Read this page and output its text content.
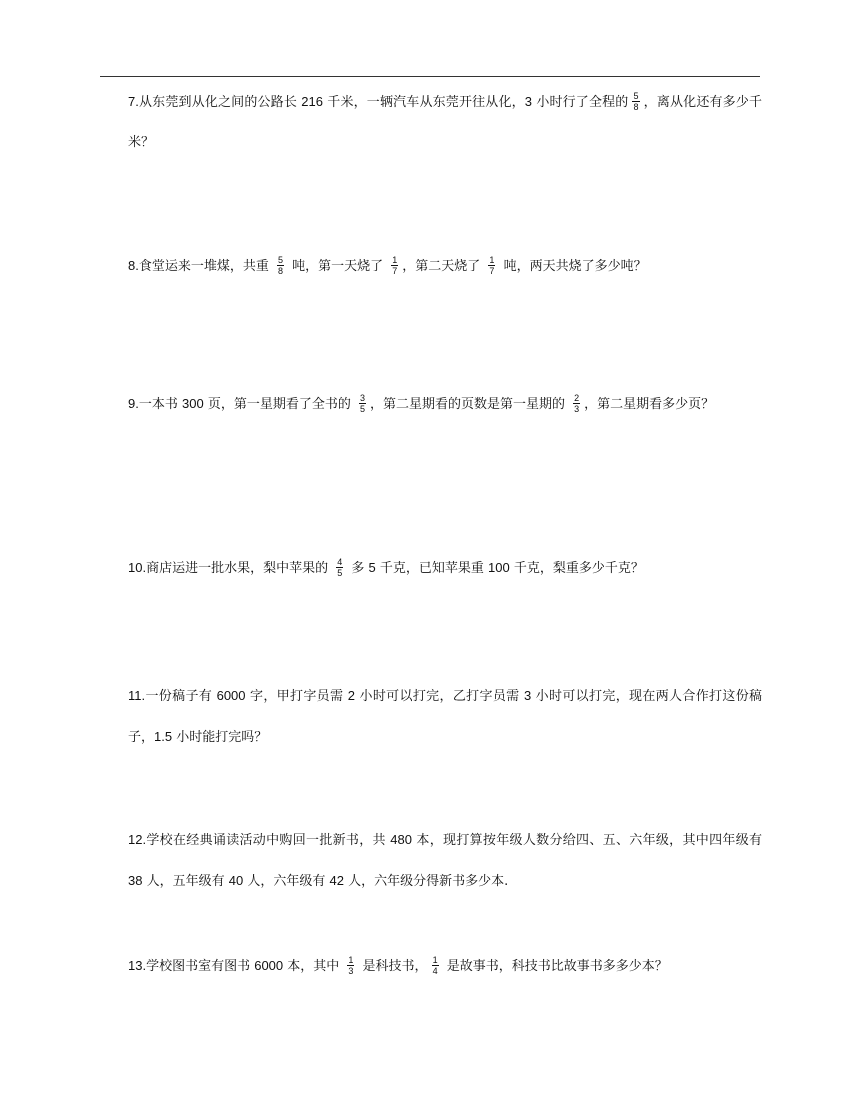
7.从东莞到从化之间的公路长 216 千米，一辆汽车从东莞开往从化，3 小时行了全程的 $\frac{5}{8}$ ，离从化还有多少千米？

8.食堂运来一堆煤，共重 $\frac{5}{8}$ 吨，第一天烧了 $\frac{1}{7}$ ，第二天烧了 $\frac{1}{7}$ 吨，两天共烧了多少吨？

9.一本书 300 页，第一星期看了全书的 $\frac{3}{5}$ ，第二星期看的页数是第一星期的 $\frac{2}{3}$ ，第二星期看多少页？

10.商店运进一批水果，梨中苹果的 $\frac{4}{5}$ 多 5 千克，已知苹果重 100 千克，梨重多少千克？

11.一份稿子有 6000 字，甲打字员需 2 小时可以打完，乙打字员需 3 小时可以打完，现在两人合作打这份稿子，1.5 小时能打完吗？

12.学校在经典诵读活动中购回一批新书，共 480 本，现打算按年级人数分给四、五、六年级，其中四年级有 38 人，五年级有 40 人，六年级有 42 人，六年级分得新书多少本.

13.学校图书室有图书 6000 本，其中 $\frac{1}{3}$ 是科技书， $\frac{1}{4}$ 是故事书，科技书比故事书多多少本？
